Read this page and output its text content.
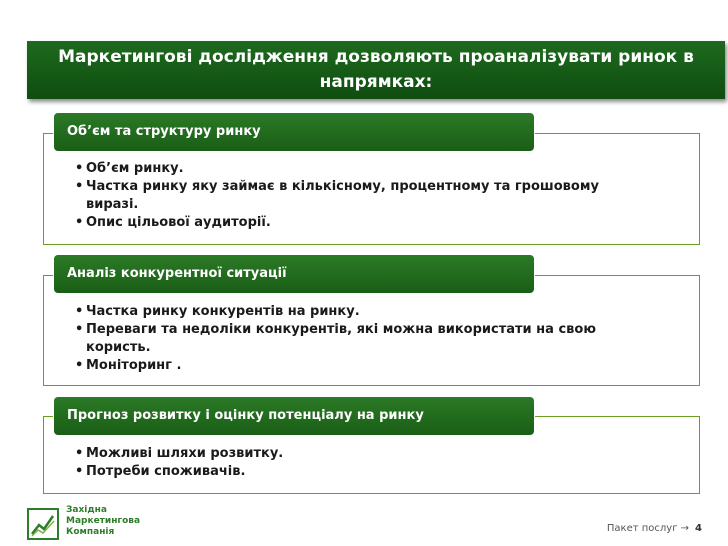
Маркетингові дослідження дозволяють проаналізувати ринок в напрямках:
Об’єм та структуру ринку
• Об’єм ринку.
• Частка ринку яку займає в кількісному, процентному та грошовому виразі.
• Опис цільової аудиторії.
Аналіз конкурентної ситуації
• Частка ринку конкурентів на ринку.
• Переваги та недоліки конкурентів, які можна використати на свою користь.
• Моніторинг .
Прогноз розвитку і оцінку потенціалу на ринку
• Можливі шляхи розвитку.
• Потреби споживачів.
Західна
Маркетингова
Компанія	Пакет послуг → 4
